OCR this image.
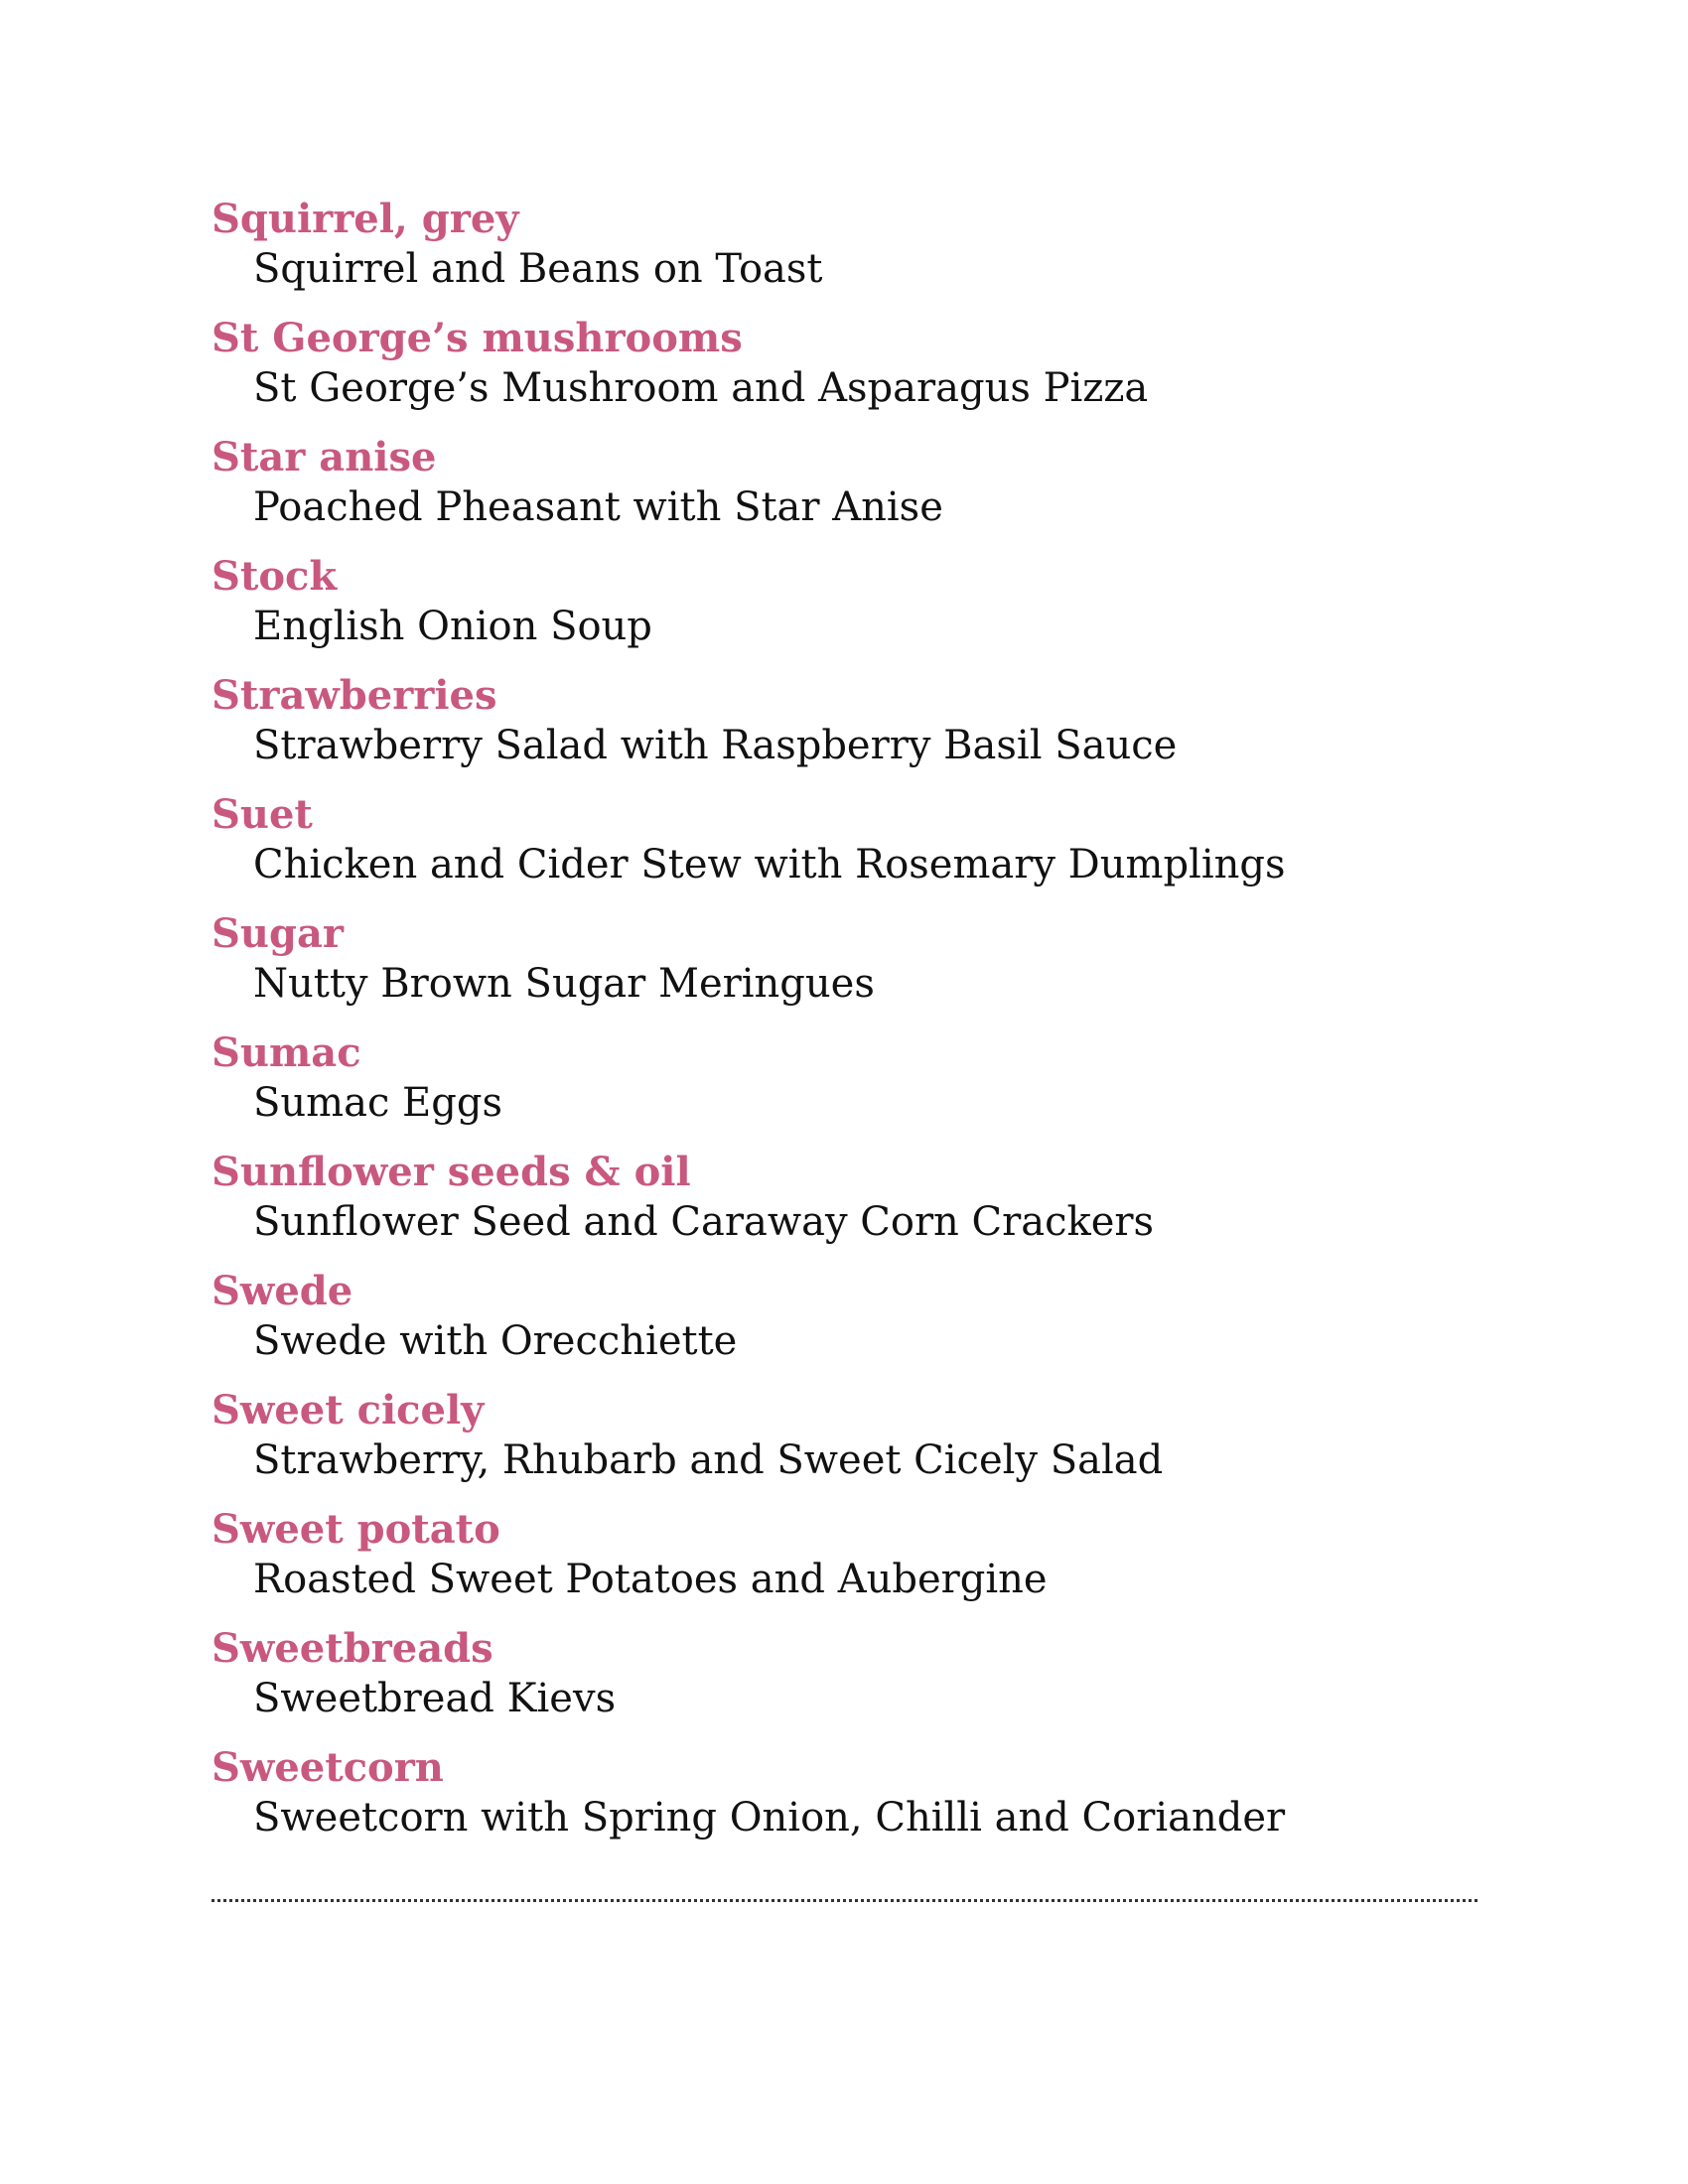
Squirrel, grey
Squirrel and Beans on Toast
St George’s mushrooms
St George’s Mushroom and Asparagus Pizza
Star anise
Poached Pheasant with Star Anise
Stock
English Onion Soup
Strawberries
Strawberry Salad with Raspberry Basil Sauce
Suet
Chicken and Cider Stew with Rosemary Dumplings
Sugar
Nutty Brown Sugar Meringues
Sumac
Sumac Eggs
Sunflower seeds & oil
Sunflower Seed and Caraway Corn Crackers
Swede
Swede with Orecchiette
Sweet cicely
Strawberry, Rhubarb and Sweet Cicely Salad
Sweet potato
Roasted Sweet Potatoes and Aubergine
Sweetbreads
Sweetbread Kievs
Sweetcorn
Sweetcorn with Spring Onion, Chilli and Coriander
